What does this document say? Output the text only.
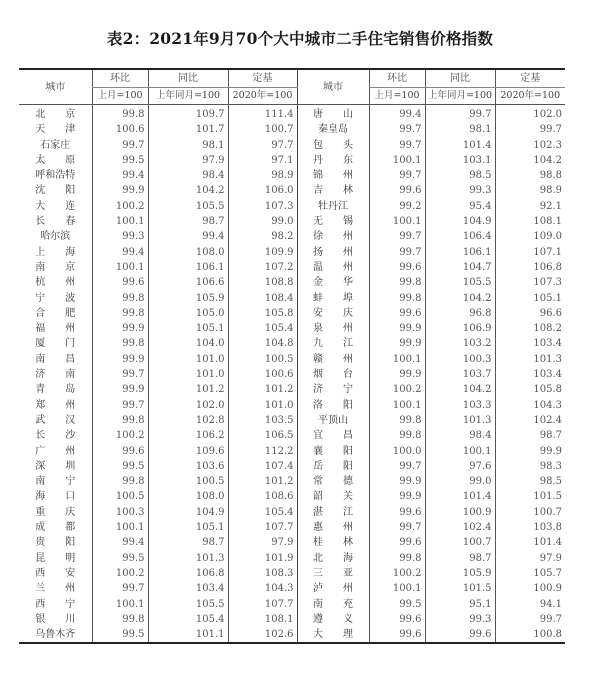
表2：2021年9月70个大中城市二手住宅销售价格指数
城市	环比	同比	定基	城市	环比	同比	定基
	上月=100	上年同月=100	2020年=100		上月=100	上年同月=100	2020年=100
北　　京	99.8	109.7	111.4	唐　　山	99.4	99.7	102.0
天　　津	100.6	101.7	100.7	秦皇岛	99.7	98.1	99.7
石家庄	99.7	98.1	97.7	包　　头	99.7	101.4	102.3
太　　原	99.5	97.9	97.1	丹　　东	100.1	103.1	104.2
呼和浩特	99.4	98.4	98.9	锦　　州	99.7	98.5	98.8
沈　　阳	99.9	104.2	106.0	吉　　林	99.6	99.3	98.9
大　　连	100.2	105.5	107.3	牡丹江	99.2	95.4	92.1
长　　春	100.1	98.7	99.0	无　　锡	100.1	104.9	108.1
哈尔滨	99.3	99.4	98.2	徐　　州	99.7	106.4	109.0
上　　海	99.4	108.0	109.9	扬　　州	99.7	106.1	107.1
南　　京	100.1	106.1	107.2	温　　州	99.6	104.7	106.8
杭　　州	99.6	106.6	108.8	金　　华	99.8	105.5	107.3
宁　　波	99.8	105.9	108.4	蚌　　埠	99.8	104.2	105.1
合　　肥	99.8	105.0	105.8	安　　庆	99.6	96.8	96.6
福　　州	99.9	105.1	105.4	泉　　州	99.9	106.9	108.2
厦　　门	99.8	104.0	104.8	九　　江	99.9	103.2	103.4
南　　昌	99.9	101.0	100.5	赣　　州	100.1	100.3	101.3
济　　南	99.7	101.0	100.6	烟　　台	99.9	103.7	103.4
青　　岛	99.9	101.2	101.2	济　　宁	100.2	104.2	105.8
郑　　州	99.7	102.0	101.0	洛　　阳	100.1	103.3	104.3
武　　汉	99.8	102.8	103.5	平顶山	99.8	101.3	102.4
长　　沙	100.2	106.2	106.5	宜　　昌	99.8	98.4	98.7
广　　州	99.6	109.6	112.2	襄　　阳	100.0	100.1	99.9
深　　圳	99.5	103.6	107.4	岳　　阳	99.7	97.6	98.3
南　　宁	99.8	100.5	101.2	常　　德	99.9	99.0	98.5
海　　口	100.5	108.0	108.6	韶　　关	99.9	101.4	101.5
重　　庆	100.3	104.9	105.4	湛　　江	99.6	100.9	100.7
成　　都	100.1	105.1	107.7	惠　　州	99.7	102.4	103.8
贵　　阳	99.4	98.7	97.9	桂　　林	99.6	100.7	101.4
昆　　明	99.5	101.3	101.9	北　　海	99.8	98.7	97.9
西　　安	100.2	106.8	108.3	三　　亚	100.2	105.9	105.7
兰　　州	99.7	103.4	104.3	泸　　州	100.1	101.5	100.9
西　　宁	100.1	105.5	107.7	南　　充	99.5	95.1	94.1
银　　川	99.8	105.4	108.1	遵　　义	99.6	99.3	99.7
乌鲁木齐	99.5	101.1	102.6	大　　理	99.6	99.6	100.8
